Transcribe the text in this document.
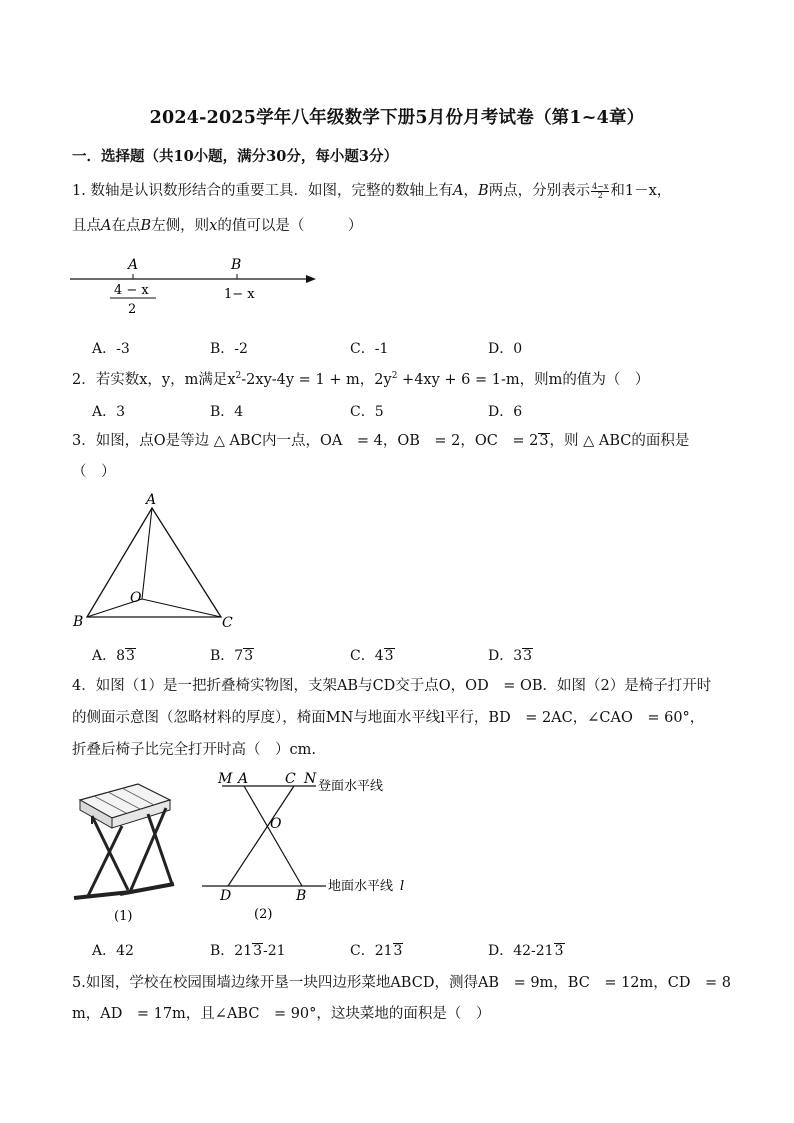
2024-2025学年八年级数学下册5月份月考试卷（第1~4章）
一．选择题（共10小题，满分30分，每小题3分）
1. 数轴是认识数形结合的重要工具．如图，完整的数轴上有A，B两点，分别表示 $\frac{4-x}{2}$ 和1－x，
且点A在点B左侧，则x的值可以是（　　　）
A	B
4 − x
2
1− x
A．-3	B．-2	C．-1	D．0
2．若实数x，y，m满足$x^2-2xy-4y = 1 + m$，$2y^2 +4xy + 6 = 1-m$，则m的值为（　）
A．3	B．4	C．5	D．6
3．如图，点O是等边 △ ABC内一点，OA　= 4，OB　= 2，OC　= 23，则 △ ABC的面积是
（　）
A
B	C
O
A．83	B．73	C．43	D．33
4．如图（1）是一把折叠椅实物图，支架AB与CD交于点O，OD　= OB．如图（2）是椅子打开时
的侧面示意图（忽略材料的厚度），椅面MN与地面水平线l平行，BD　= 2AC，∠CAO　= 60°，
折叠后椅子比完全打开时高（　）cm.
(1)
M A	C N
O
D	B
登面水平线
地面水平线 l
(2)
A．42	B．213-21	C．213	D．42-213
5.如图，学校在校园围墙边缘开垦一块四边形菜地ABCD，测得AB　= 9m，BC　= 12m，CD　= 8
m，AD　= 17m，且∠ABC　= 90°，这块菜地的面积是（　）
